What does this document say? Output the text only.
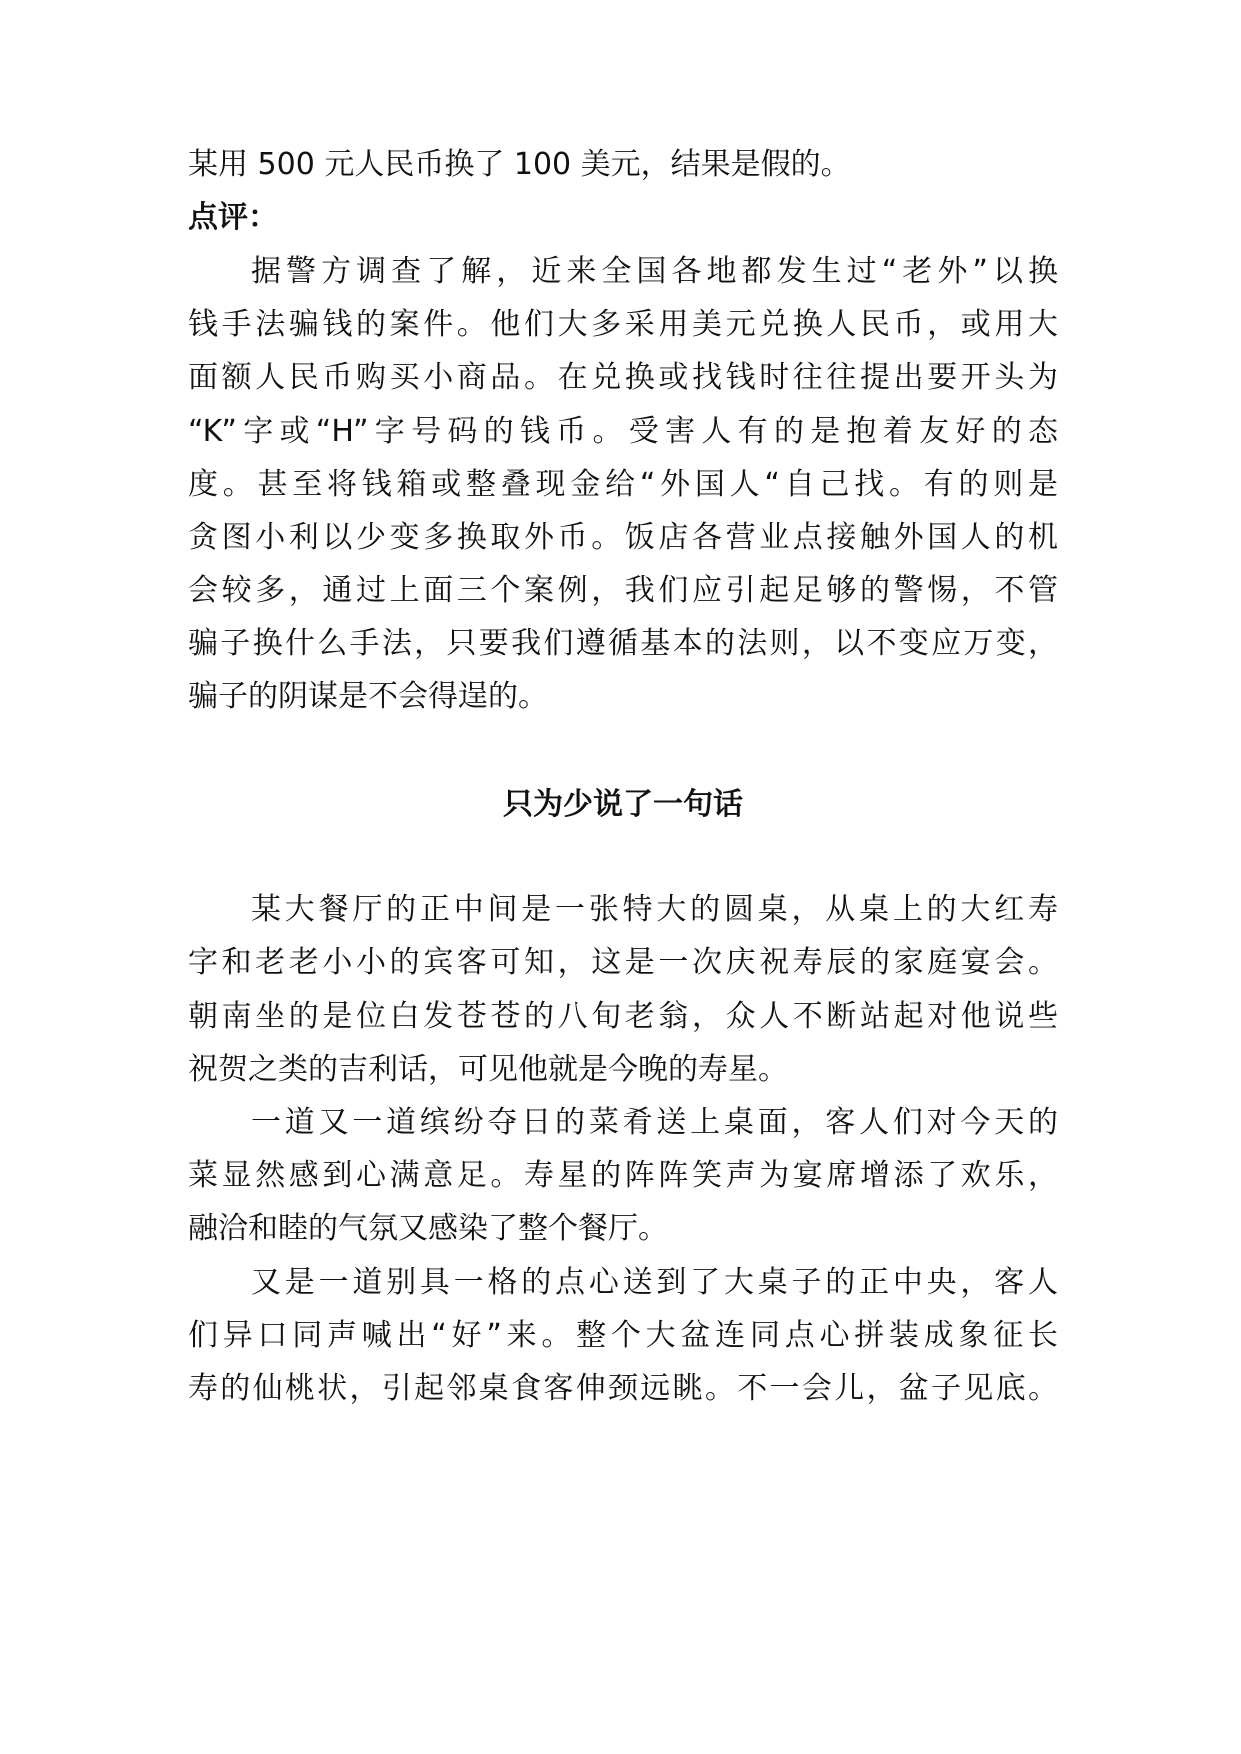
某用 500 元人民币换了 100 美元，结果是假的。
点评：
据警方调查了解，近来全国各地都发生过“老外”以换
钱手法骗钱的案件。他们大多采用美元兑换人民币，或用大
面额人民币购买小商品。在兑换或找钱时往往提出要开头为
“K”字或“H”字号码的钱币。受害人有的是抱着友好的态
度。甚至将钱箱或整叠现金给“外国人“自己找。有的则是
贪图小利以少变多换取外币。饭店各营业点接触外国人的机
会较多，通过上面三个案例，我们应引起足够的警惕，不管
骗子换什么手法，只要我们遵循基本的法则，以不变应万变，
骗子的阴谋是不会得逞的。
只为少说了一句话
某大餐厅的正中间是一张特大的圆桌，从桌上的大红寿
字和老老小小的宾客可知，这是一次庆祝寿辰的家庭宴会。
朝南坐的是位白发苍苍的八旬老翁，众人不断站起对他说些
祝贺之类的吉利话，可见他就是今晚的寿星。
一道又一道缤纷夺日的菜肴送上桌面，客人们对今天的
菜显然感到心满意足。寿星的阵阵笑声为宴席增添了欢乐，
融洽和睦的气氛又感染了整个餐厅。
又是一道别具一格的点心送到了大桌子的正中央，客人
们异口同声喊出“好”来。整个大盆连同点心拼装成象征长
寿的仙桃状，引起邻桌食客伸颈远眺。不一会儿，盆子见底。
